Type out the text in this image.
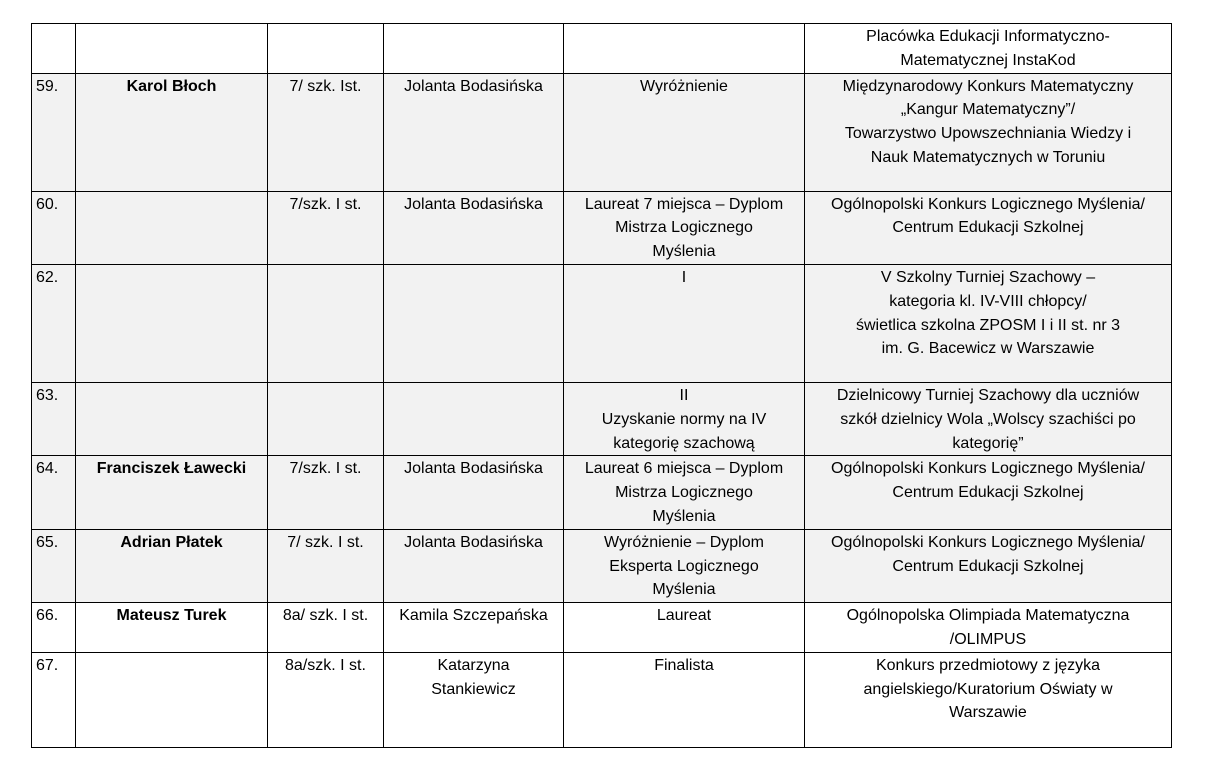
					Placówka Edukacji Informatyczno-
Matematycznej InstaKod

59.	Karol Błoch	7/ szk. Ist.	Jolanta Bodasińska	Wyróżnienie	Międzynarodowy Konkurs Matematyczny
„Kangur Matematyczny”/
Towarzystwo Upowszechniania Wiedzy i
Nauk Matematycznych w Toruniu

60.		7/szk. I st.	Jolanta Bodasińska	Laureat 7 miejsca – Dyplom
Mistrza Logicznego
Myślenia	Ogólnopolski Konkurs Logicznego Myślenia/
Centrum Edukacji Szkolnej

62.				I	V Szkolny Turniej Szachowy –
kategoria kl. IV-VIII chłopcy/
świetlica szkolna ZPOSM I i II st. nr 3
im. G. Bacewicz w Warszawie

63.				II
Uzyskanie normy na IV
kategorię szachową	Dzielnicowy Turniej Szachowy dla uczniów
szkół dzielnicy Wola „Wolscy szachiści po
kategorię”

64.	Franciszek Ławecki	7/szk. I st.	Jolanta Bodasińska	Laureat 6 miejsca – Dyplom
Mistrza Logicznego
Myślenia	Ogólnopolski Konkurs Logicznego Myślenia/
Centrum Edukacji Szkolnej

65.	Adrian Płatek	7/ szk. I st.	Jolanta Bodasińska	Wyróżnienie – Dyplom
Eksperta Logicznego
Myślenia	Ogólnopolski Konkurs Logicznego Myślenia/
Centrum Edukacji Szkolnej

66.	Mateusz Turek	8a/ szk. I st.	Kamila Szczepańska	Laureat	Ogólnopolska Olimpiada Matematyczna
/OLIMPUS

67.		8a/szk. I st.	Katarzyna
Stankiewicz	Finalista	Konkurs przedmiotowy z języka
angielskiego/Kuratorium Oświaty w
Warszawie
